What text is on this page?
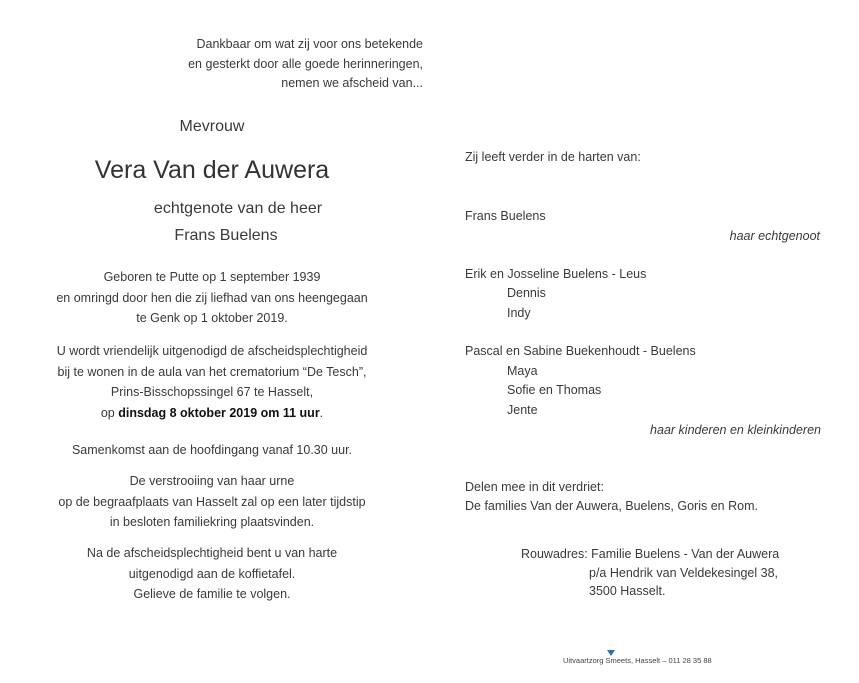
Dankbaar om wat zij voor ons betekende
en gesterkt door alle goede herinneringen,
nemen we afscheid van...
Mevrouw
Vera Van der Auwera
echtgenote van de heer
Frans Buelens
Geboren te Putte op 1 september 1939
en omringd door hen die zij liefhad van ons heengegaan
te Genk op 1 oktober 2019.
U wordt vriendelijk uitgenodigd de afscheidsplechtigheid
bij te wonen in de aula van het crematorium “De Tesch”,
Prins-Bisschopssingel 67 te Hasselt,
op dinsdag 8 oktober 2019 om 11 uur.
Samenkomst aan de hoofdingang vanaf 10.30 uur.
De verstrooiing van haar urne
op de begraafplaats van Hasselt zal op een later tijdstip
in besloten familiekring plaatsvinden.
Na de afscheidsplechtigheid bent u van harte
uitgenodigd aan de koffietafel.
Gelieve de familie te volgen.
Zij leeft verder in de harten van:
Frans Buelens
haar echtgenoot
Erik en Josseline Buelens - Leus
Dennis
Indy
Pascal en Sabine Buekenhoudt - Buelens
Maya
Sofie en Thomas
Jente
haar kinderen en kleinkinderen
Delen mee in dit verdriet:
De families Van der Auwera, Buelens, Goris en Rom.
Rouwadres: Familie Buelens - Van der Auwera
p/a Hendrik van Veldekesingel 38,
3500 Hasselt.
Uitvaartzorg Smeets, Hasselt – 011 28 35 88
